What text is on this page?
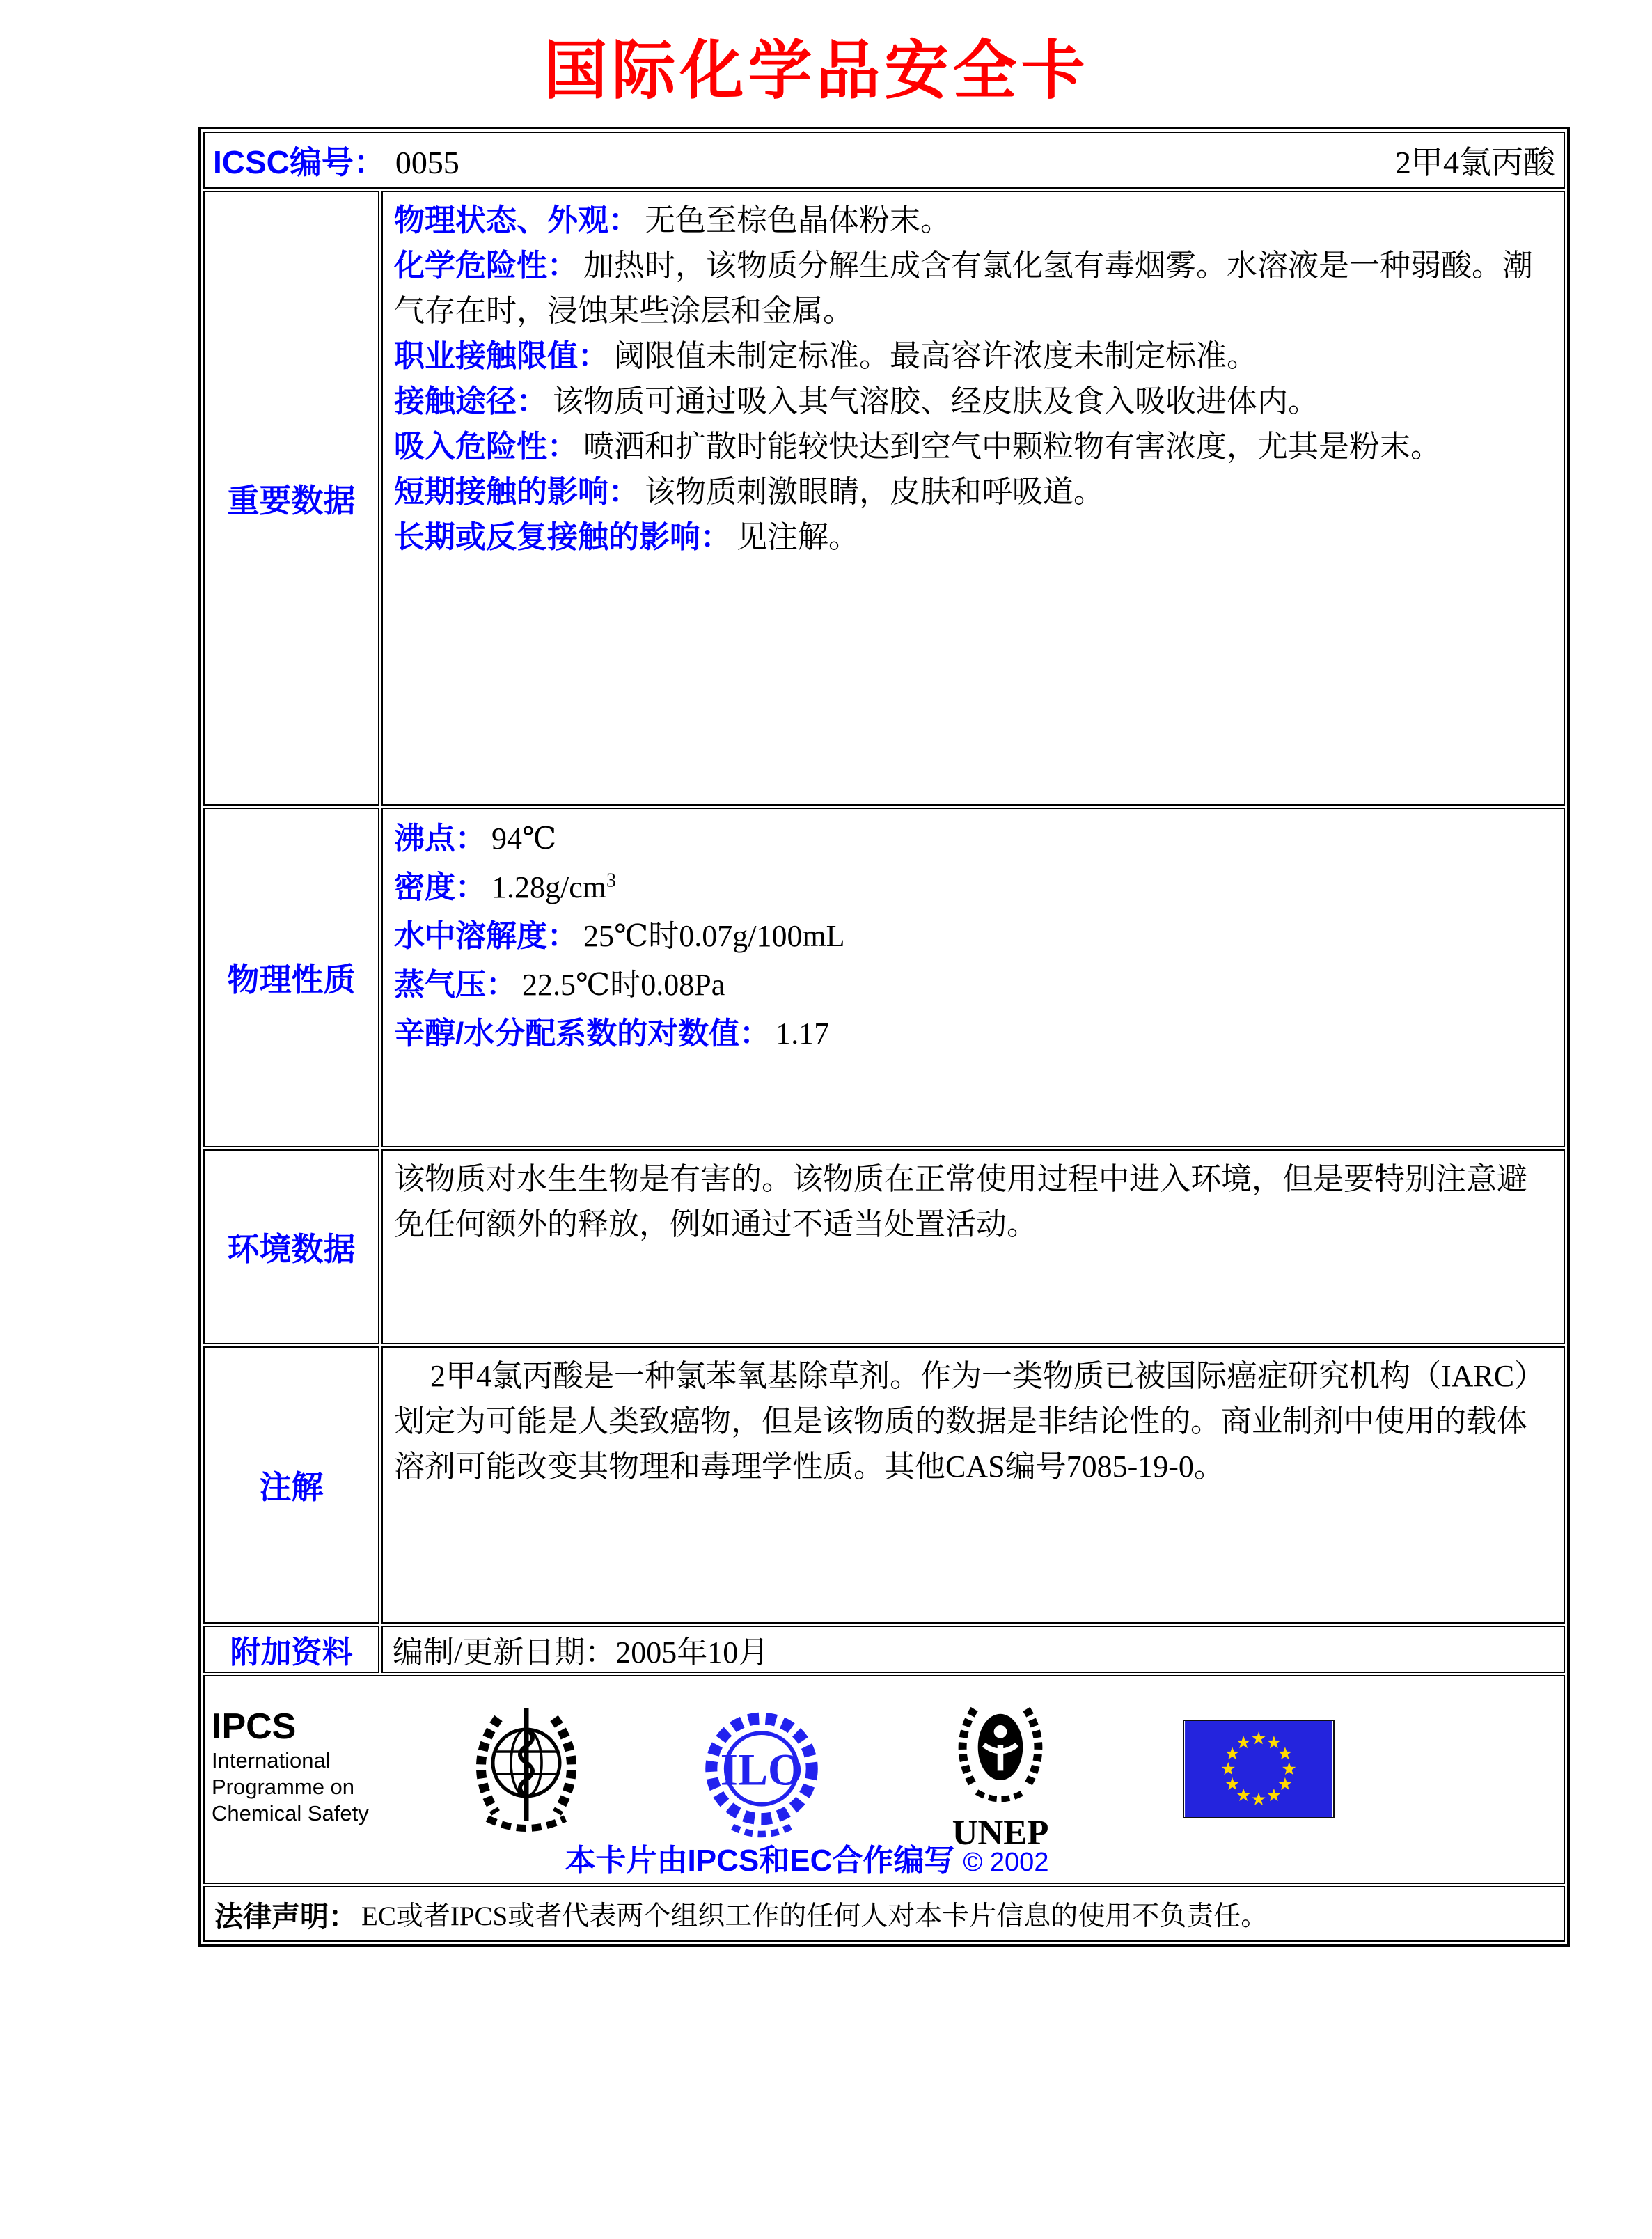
国际化学品安全卡
ICSC编号： 0055 2甲4氯丙酸	

重要数据	
物理状态、外观： 无色至棕色晶体粉末。
化学危险性： 加热时，该物质分解生成含有氯化氢有毒烟雾。水溶液是一种弱酸。潮气存在时，浸蚀某些涂层和金属。
职业接触限值： 阈限值未制定标准。最高容许浓度未制定标准。
接触途径： 该物质可通过吸入其气溶胶、经皮肤及食入吸收进体内。
吸入危险性： 喷洒和扩散时能较快达到空气中颗粒物有害浓度，尤其是粉末。
短期接触的影响： 该物质刺激眼睛，皮肤和呼吸道。
长期或反复接触的影响： 见注解。

物理性质	沸点： 94℃
密度： $1.28g/cm^3$
水中溶解度： 25℃时0.07g/100mL
蒸气压： 22.5℃时0.08Pa
辛醇/水分配系数的对数值： 1.17

环境数据	该物质对水生生物是有害的。该物质在正常使用过程中进入环境，但是要特别注意避免任何额外的释放，例如通过不适当处置活动。

注解	2甲4氯丙酸是一种氯苯氧基除草剂。作为一类物质已被国际癌症研究机构（IARC）划定为可能是人类致癌物，但是该物质的数据是非结论性的。商业制剂中使用的载体溶剂可能改变其物理和毒理学性质。其他CAS编号7085-19-0。

附加资料	编制/更新日期：2005年10月

IPCS
International
Programme on
Chemical Safety
ILO
UNEP
本卡片由IPCS和EC合作编写 © 2002

法律声明： EC或者IPCS或者代表两个组织工作的任何人对本卡片信息的使用不负责任。	
